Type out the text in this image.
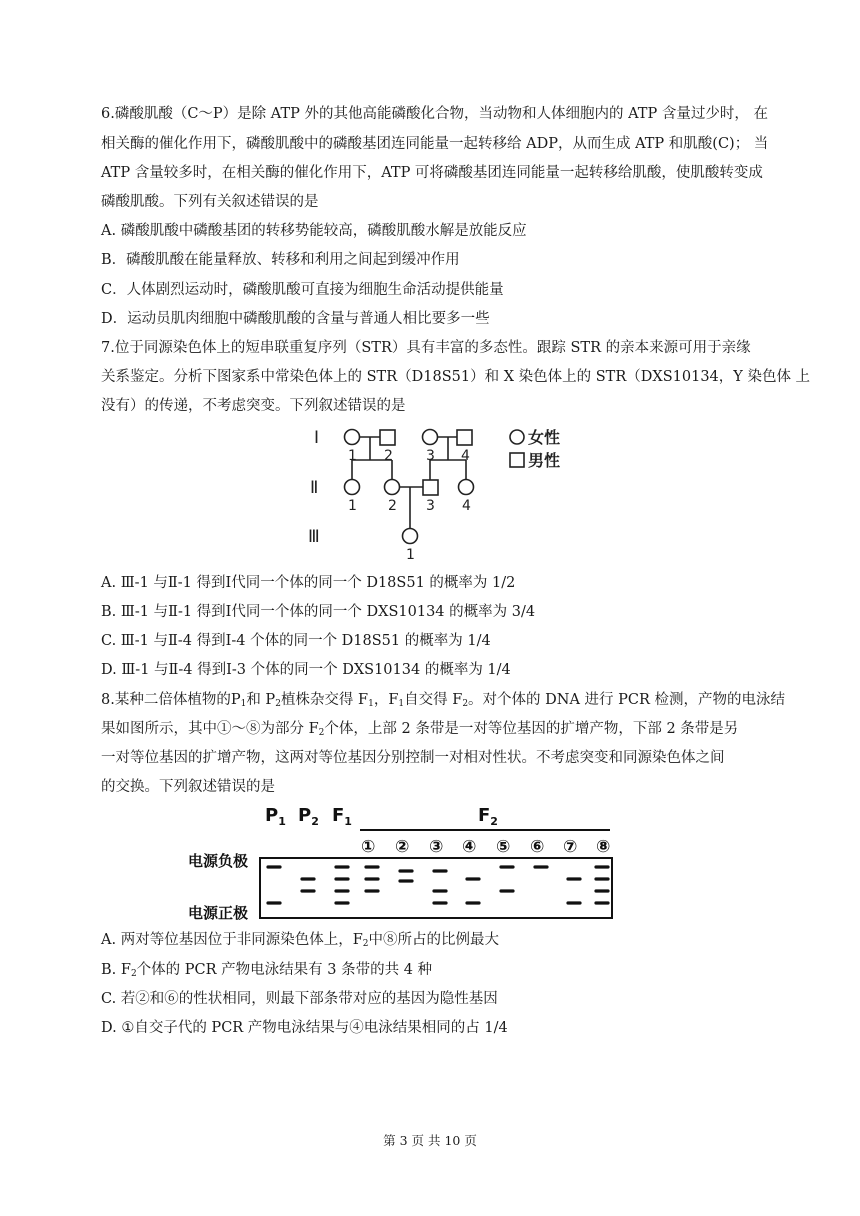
6.磷酸肌酸（C～P）是除 ATP 外的其他高能磷酸化合物，当动物和人体细胞内的 ATP 含量过少时， 在
相关酶的催化作用下，磷酸肌酸中的磷酸基团连同能量一起转移给 ADP，从而生成 ATP 和肌酸(C)； 当
ATP 含量较多时，在相关酶的催化作用下，ATP 可将磷酸基团连同能量一起转移给肌酸，使肌酸转变成
磷酸肌酸。下列有关叙述错误的是
A. 磷酸肌酸中磷酸基团的转移势能较高，磷酸肌酸水解是放能反应
B．磷酸肌酸在能量释放、转移和利用之间起到缓冲作用
C．人体剧烈运动时，磷酸肌酸可直接为细胞生命活动提供能量
D．运动员肌肉细胞中磷酸肌酸的含量与普通人相比要多一些
7.位于同源染色体上的短串联重复序列（STR）具有丰富的多态性。跟踪 STR 的亲本来源可用于亲缘
关系鉴定。分析下图家系中常染色体上的 STR（D18S51）和 X 染色体上的 STR（DXS10134，Y 染色体 上
没有）的传递，不考虑突变。下列叙述错误的是
Ⅰ
Ⅱ
Ⅲ
1 2 3 4
1 2 3 4
1
女性
男性
A. Ⅲ-1 与Ⅱ-1 得到Ⅰ代同一个体的同一个 D18S51 的概率为 1/2
B. Ⅲ-1 与Ⅱ-1 得到Ⅰ代同一个体的同一个 DXS10134 的概率为 3/4
C. Ⅲ-1 与Ⅱ-4 得到Ⅰ-4 个体的同一个 D18S51 的概率为 1/4
D. Ⅲ-1 与Ⅱ-4 得到Ⅰ-3 个体的同一个 DXS10134 的概率为 1/4
8.某种二倍体植物的$P_1$和 $P_2$植株杂交得 $F_1$，$F_1$自交得 $F_2$。对个体的 DNA 进行 PCR 检测，产物的电泳结
果如图所示，其中①～⑧为部分 $F_2$个体，上部 2 条带是一对等位基因的扩增产物，下部 2 条带是另
一对等位基因的扩增产物，这两对等位基因分别控制一对相对性状。不考虑突变和同源染色体之间
的交换。下列叙述错误的是
$P_1$ $P_2$ $F_1$	$F_2$
① ② ③ ④ ⑤ ⑥ ⑦ ⑧
电源负极
电源正极
A. 两对等位基因位于非同源染色体上，$F_2$中⑧所占的比例最大
B. $F_2$个体的 PCR 产物电泳结果有 3 条带的共 4 种
C. 若②和⑥的性状相同，则最下部条带对应的基因为隐性基因
D. ①自交子代的 PCR 产物电泳结果与④电泳结果相同的占 1/4
第 3 页 共 10 页
